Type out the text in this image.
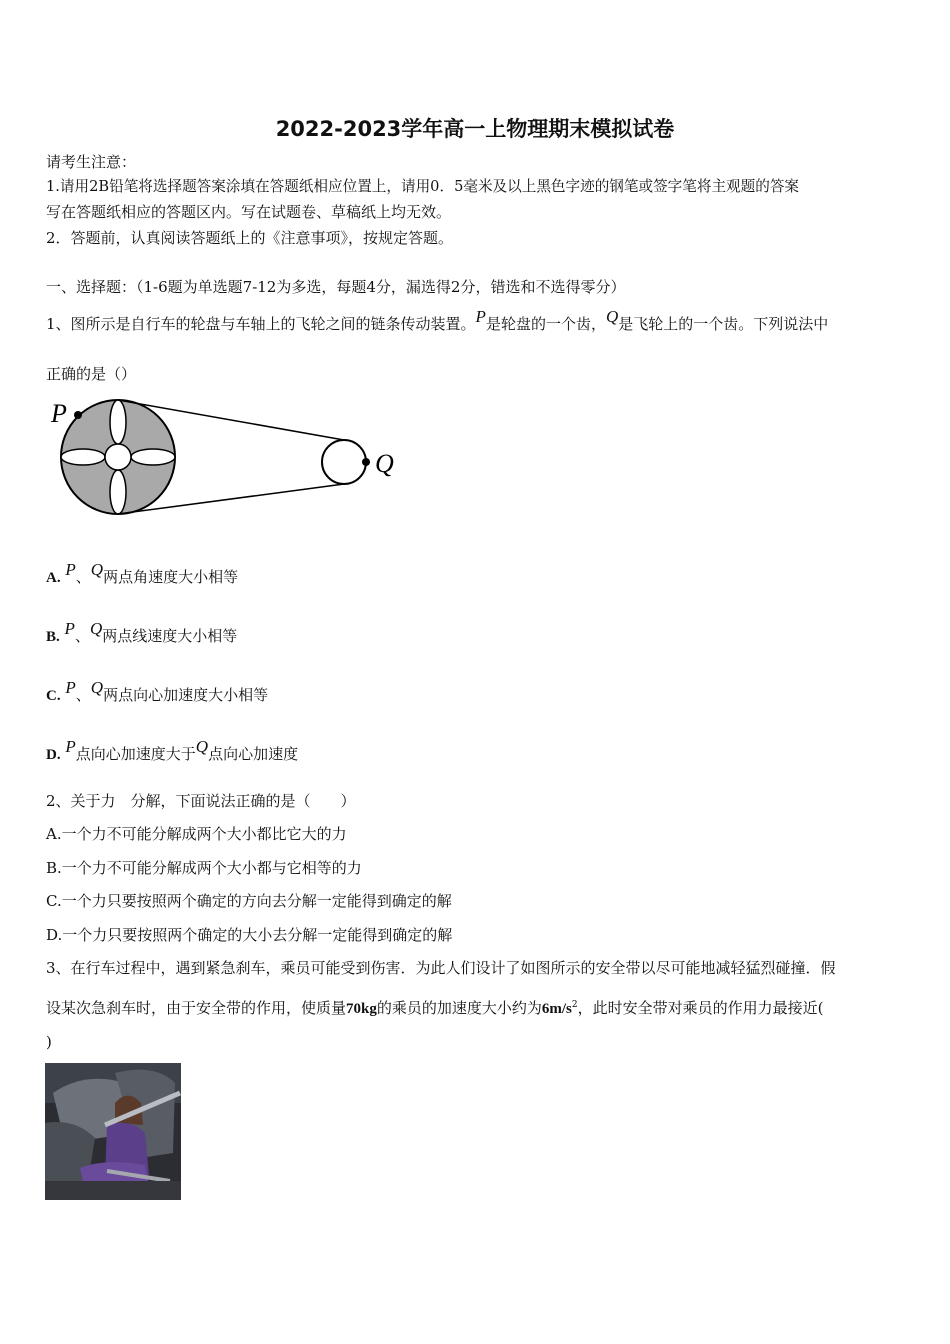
2022-2023学年高一上物理期末模拟试卷
请考生注意：
1.请用2B铅笔将选择题答案涂填在答题纸相应位置上，请用0．5毫米及以上黑色字迹的钢笔或签字笔将主观题的答案
写在答题纸相应的答题区内。写在试题卷、草稿纸上均无效。
2．答题前，认真阅读答题纸上的《注意事项》，按规定答题。
一、选择题：（1-6题为单选题7-12为多选，每题4分，漏选得2分，错选和不选得零分）
1、图所示是自行车的轮盘与车轴上的飞轮之间的链条传动装置。P是轮盘的一个齿，Q是飞轮上的一个齿。下列说法中
正确的是（）
P
Q
A. P、Q两点角速度大小相等
B. P、Q两点线速度大小相等
C. P、Q两点向心加速度大小相等
D. P点向心加速度大于Q点向心加速度
2、关于力　分解，下面说法正确的是（　　）
A.一个力不可能分解成两个大小都比它大的力
B.一个力不可能分解成两个大小都与它相等的力
C.一个力只要按照两个确定的方向去分解一定能得到确定的解
D.一个力只要按照两个确定的大小去分解一定能得到确定的解
3、在行车过程中，遇到紧急刹车，乘员可能受到伤害．为此人们设计了如图所示的安全带以尽可能地减轻猛烈碰撞．假
设某次急刹车时，由于安全带的作用，使质量70kg的乘员的加速度大小约为$6m/s^2$，此时安全带对乘员的作用力最接近(
)
